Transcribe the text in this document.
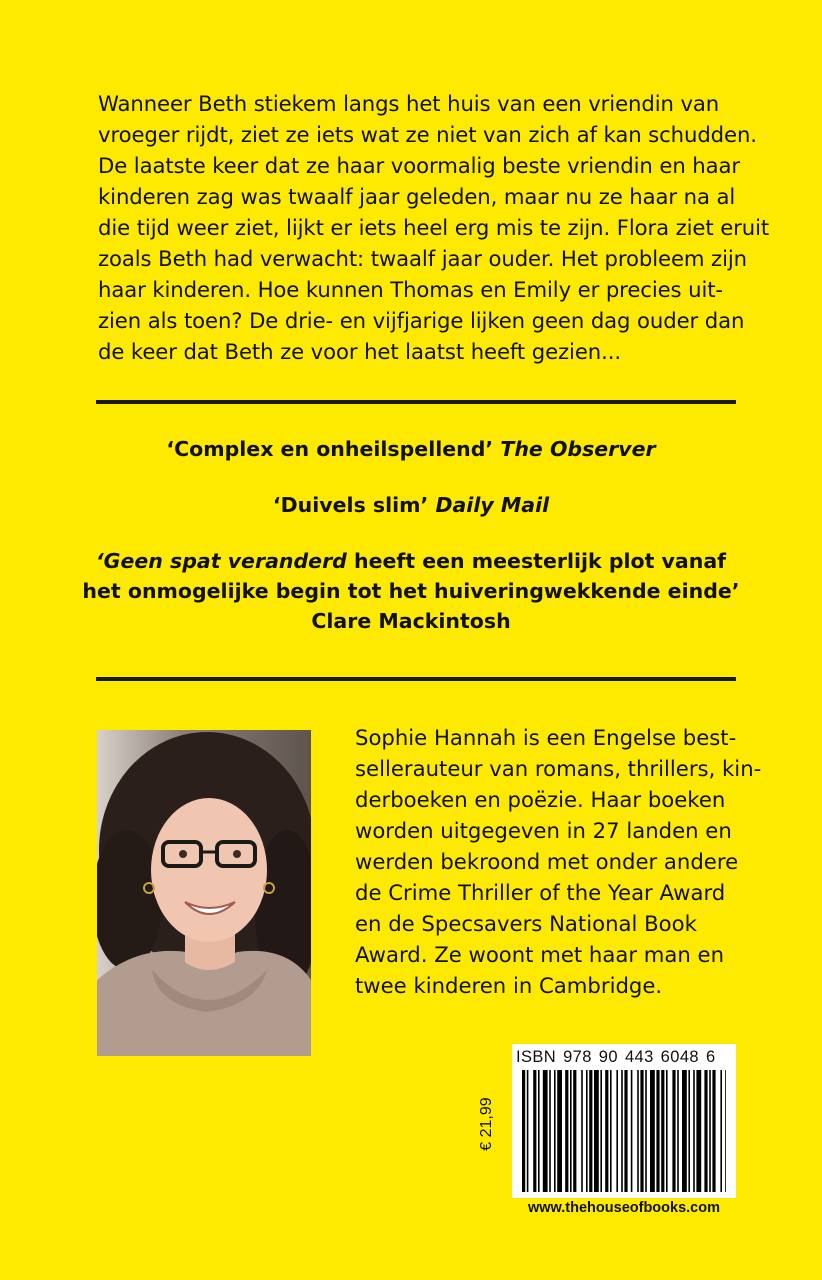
Wanneer Beth stiekem langs het huis van een vriendin van

vroeger rijdt, ziet ze iets wat ze niet van zich af kan schudden.

De laatste keer dat ze haar voormalig beste vriendin en haar

kinderen zag was twaalf jaar geleden, maar nu ze haar na al

die tijd weer ziet, lijkt er iets heel erg mis te zijn. Flora ziet eruit

zoals Beth had verwacht: twaalf jaar ouder. Het probleem zijn

haar kinderen. Hoe kunnen Thomas en Emily er precies uit-

zien als toen? De drie- en vijfjarige lijken geen dag ouder dan

de keer dat Beth ze voor het laatst heeft gezien...

‘Complex en onheilspellend’ The Observer

‘Duivels slim’ Daily Mail

‘Geen spat veranderd heeft een meesterlijk plot vanaf

het onmogelijke begin tot het huiveringwekkende einde’

Clare Mackintosh

Sophie Hannah is een Engelse best-

sellerauteur van romans, thrillers, kin-

derboeken en poëzie. Haar boeken

worden uitgegeven in 27 landen en

werden bekroond met onder andere

de Crime Thriller of the Year Award

en de Specsavers National Book

Award. Ze woont met haar man en

twee kinderen in Cambridge.

€ 21,99
ISBN 978 90 443 6048 6
www.thehouseofbooks.com
